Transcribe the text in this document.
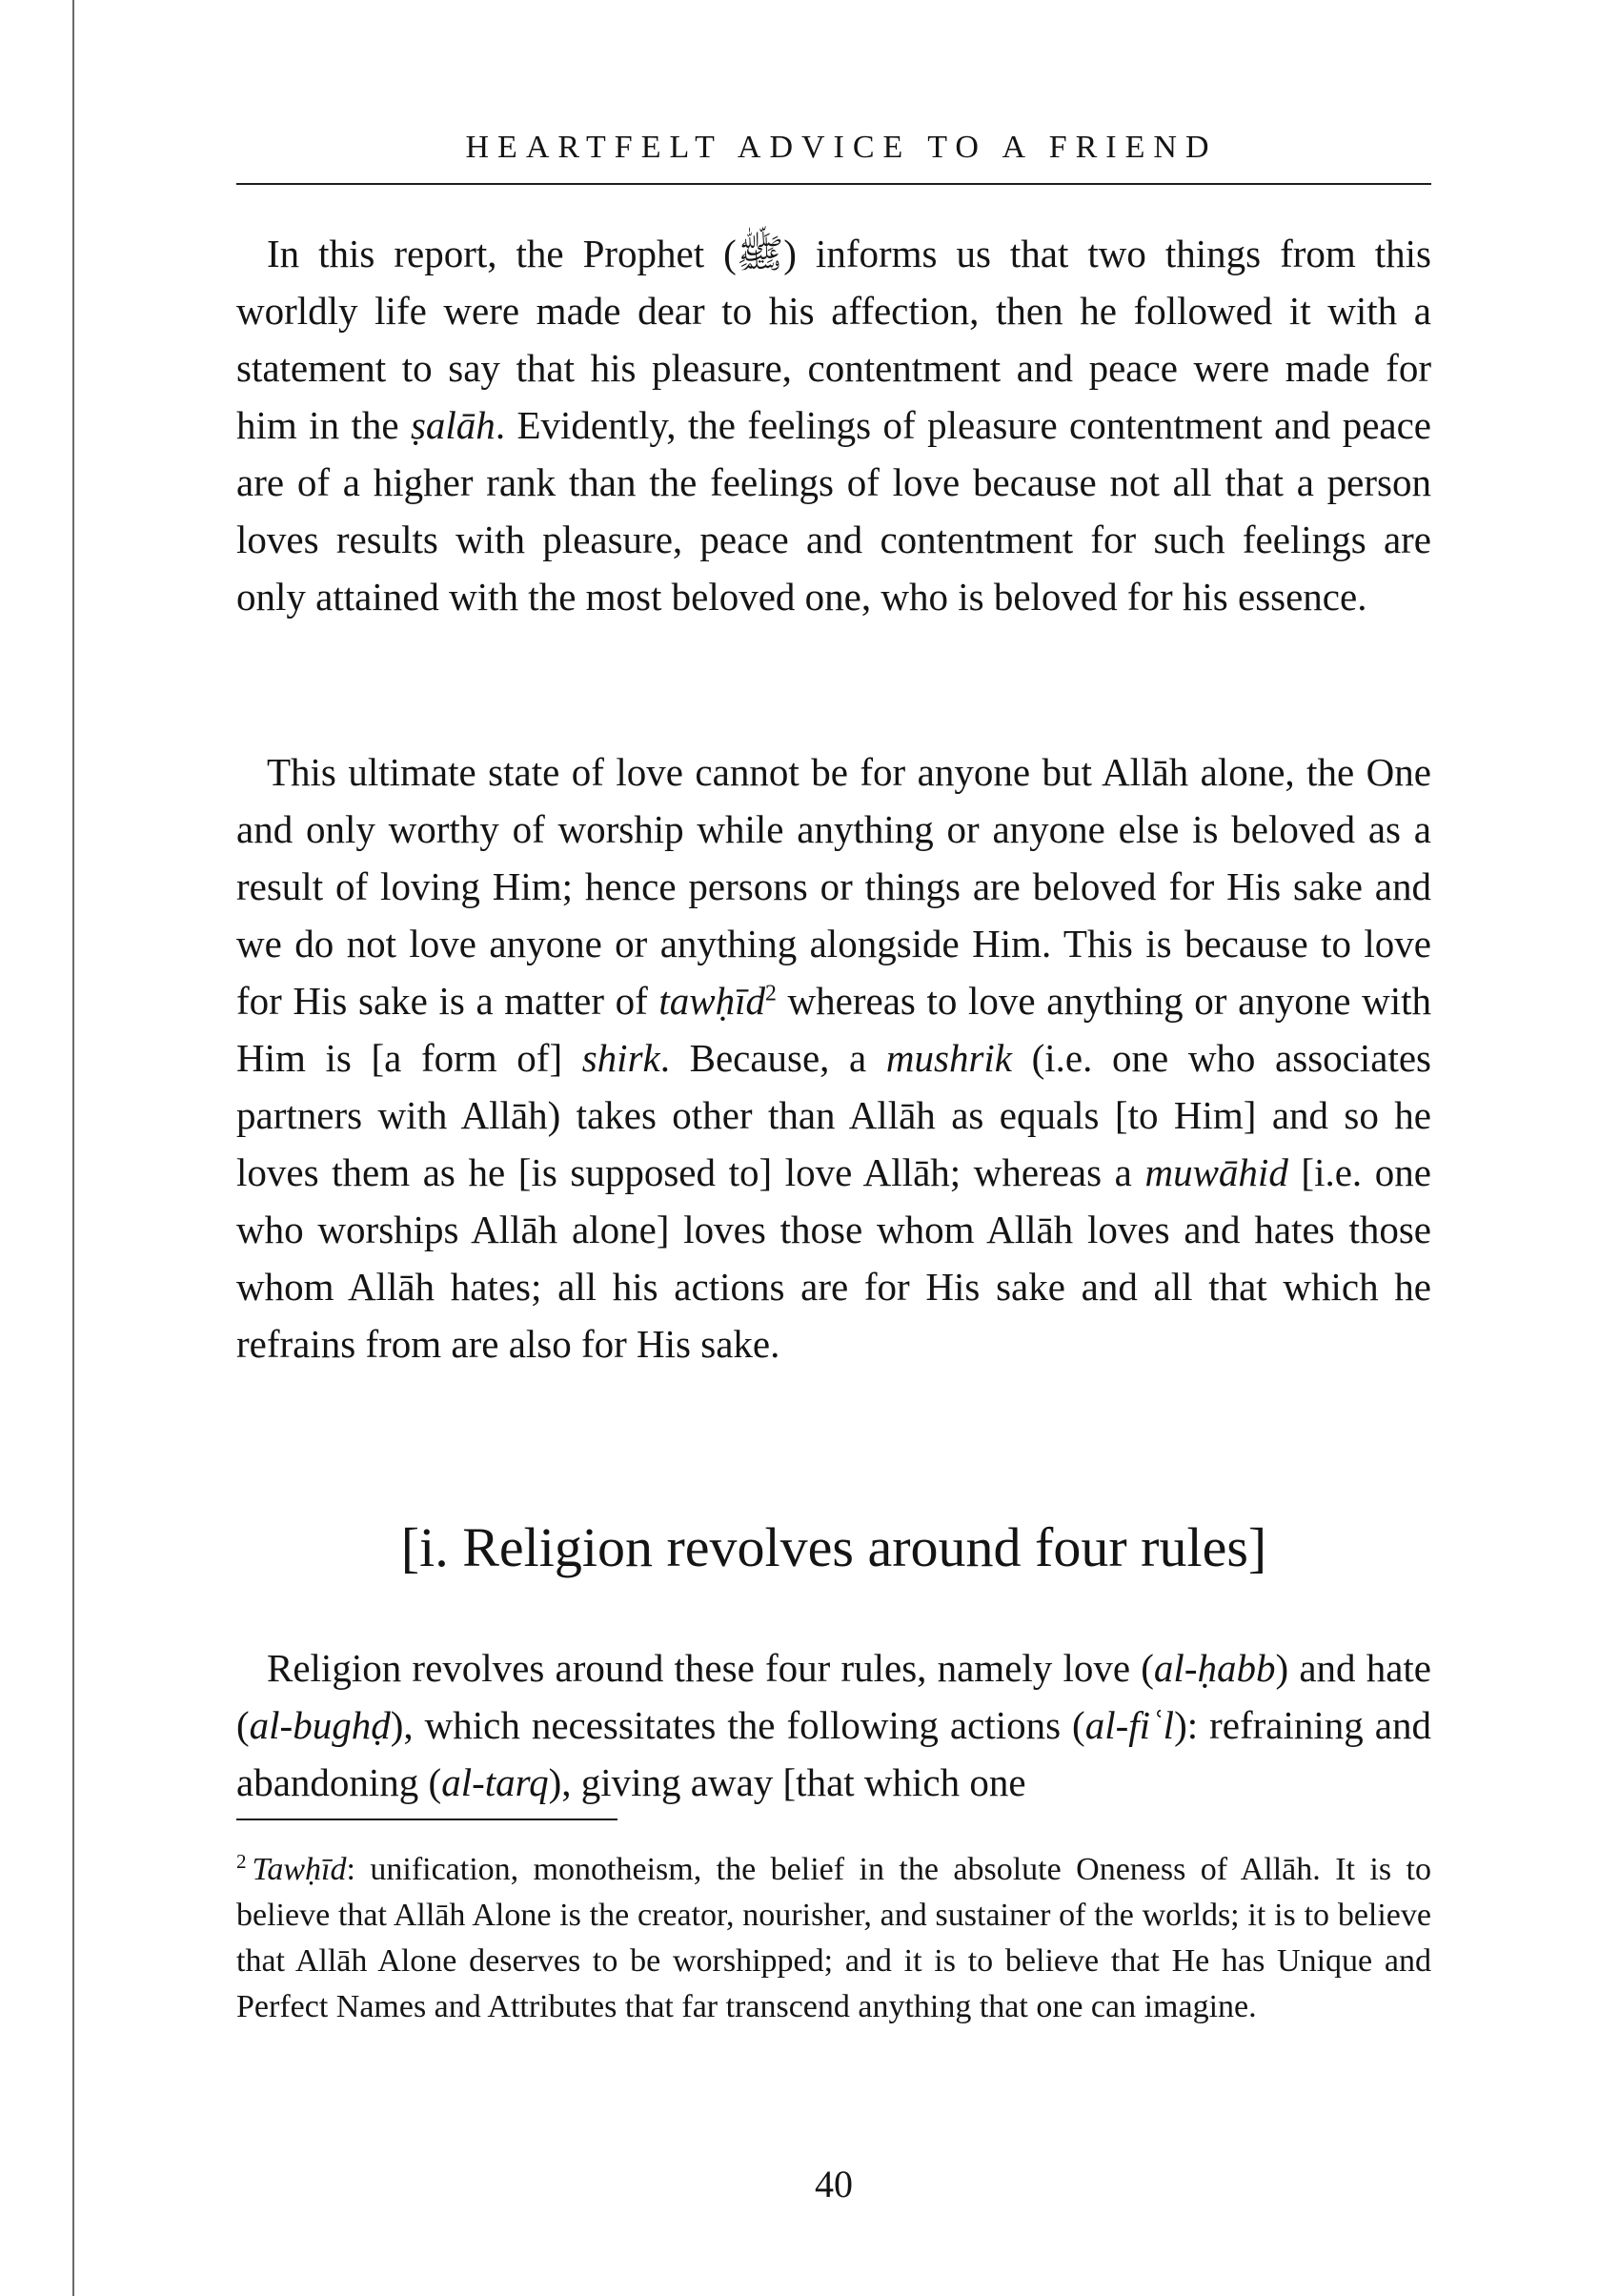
HEARTFELT ADVICE TO A FRIEND

In this report, the Prophet (ﷺ) informs us that two things from this worldly life were made dear to his affection, then he followed it with a statement to say that his pleasure, contentment and peace were made for him in the ṣalāh. Evidently, the feelings of pleasure contentment and peace are of a higher rank than the feelings of love because not all that a person loves results with pleasure, peace and contentment for such feelings are only attained with the most beloved one, who is beloved for his essence.

This ultimate state of love cannot be for anyone but Allāh alone, the One and only worthy of worship while anything or anyone else is beloved as a result of loving Him; hence persons or things are beloved for His sake and we do not love anyone or anything alongside Him. This is because to love for His sake is a matter of tawḥīd$^2$ whereas to love anything or anyone with Him is [a form of] shirk. Because, a mushrik (i.e. one who associates partners with Allāh) takes other than Allāh as equals [to Him] and so he loves them as he [is supposed to] love Allāh; whereas a muwāhid [i.e. one who worships Allāh alone] loves those whom Allāh loves and hates those whom Allāh hates; all his actions are for His sake and all that which he refrains from are also for His sake.

[i. Religion revolves around four rules]

Religion revolves around these four rules, namely love (al-ḥabb) and hate (al-bughḍ), which necessitates the following actions (al-fiʿl): refraining and abandoning (al-tarq), giving away [that which one

$^2$ Tawḥīd: unification, monotheism, the belief in the absolute Oneness of Allāh. It is to believe that Allāh Alone is the creator, nourisher, and sustainer of the worlds; it is to believe that Allāh Alone deserves to be worshipped; and it is to believe that He has Unique and Perfect Names and Attributes that far transcend anything that one can imagine.

40
